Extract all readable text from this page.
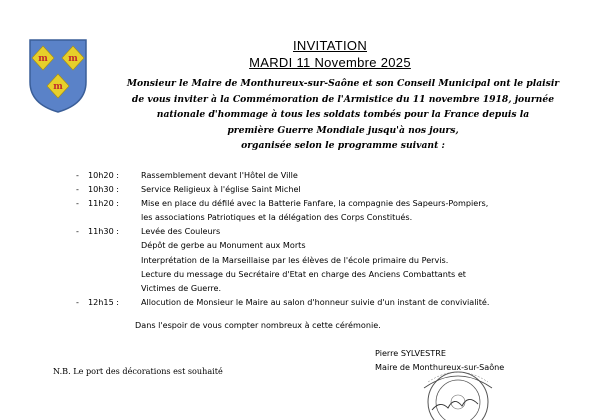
m m
m
INVITATION
MARDI 11 Novembre 2025
Monsieur le Maire de Monthureux-sur-Saône et son Conseil Municipal ont le plaisir
de vous inviter à la Commémoration de l'Armistice du 11 novembre 1918, journée
nationale d'hommage à tous les soldats tombés pour la France depuis la
première Guerre Mondiale jusqu'à nos jours,
organisée selon le programme suivant :
-	10h20 :	Rassemblement devant l'Hôtel de Ville
-	10h30 :	Service Religieux à l'église Saint Michel
-	11h20 :	Mise en place du défilé avec la Batterie Fanfare, la compagnie des Sapeurs-Pompiers,
les associations Patriotiques et la délégation des Corps Constitués.
-	11h30 :	Levée des Couleurs
Dépôt de gerbe au Monument aux Morts
Interprétation de la Marseillaise par les élèves de l'école primaire du Pervis.
Lecture du message du Secrétaire d'Etat en charge des Anciens Combattants et
Victimes de Guerre.
-	12h15 :	Allocution de Monsieur le Maire au salon d'honneur suivie d'un instant de convivialité.
Dans l'espoir de vous compter nombreux à cette cérémonie.
Pierre SYLVESTRE
Maire de Monthureux-sur-Saône
N.B. Le port des décorations est souhaité
